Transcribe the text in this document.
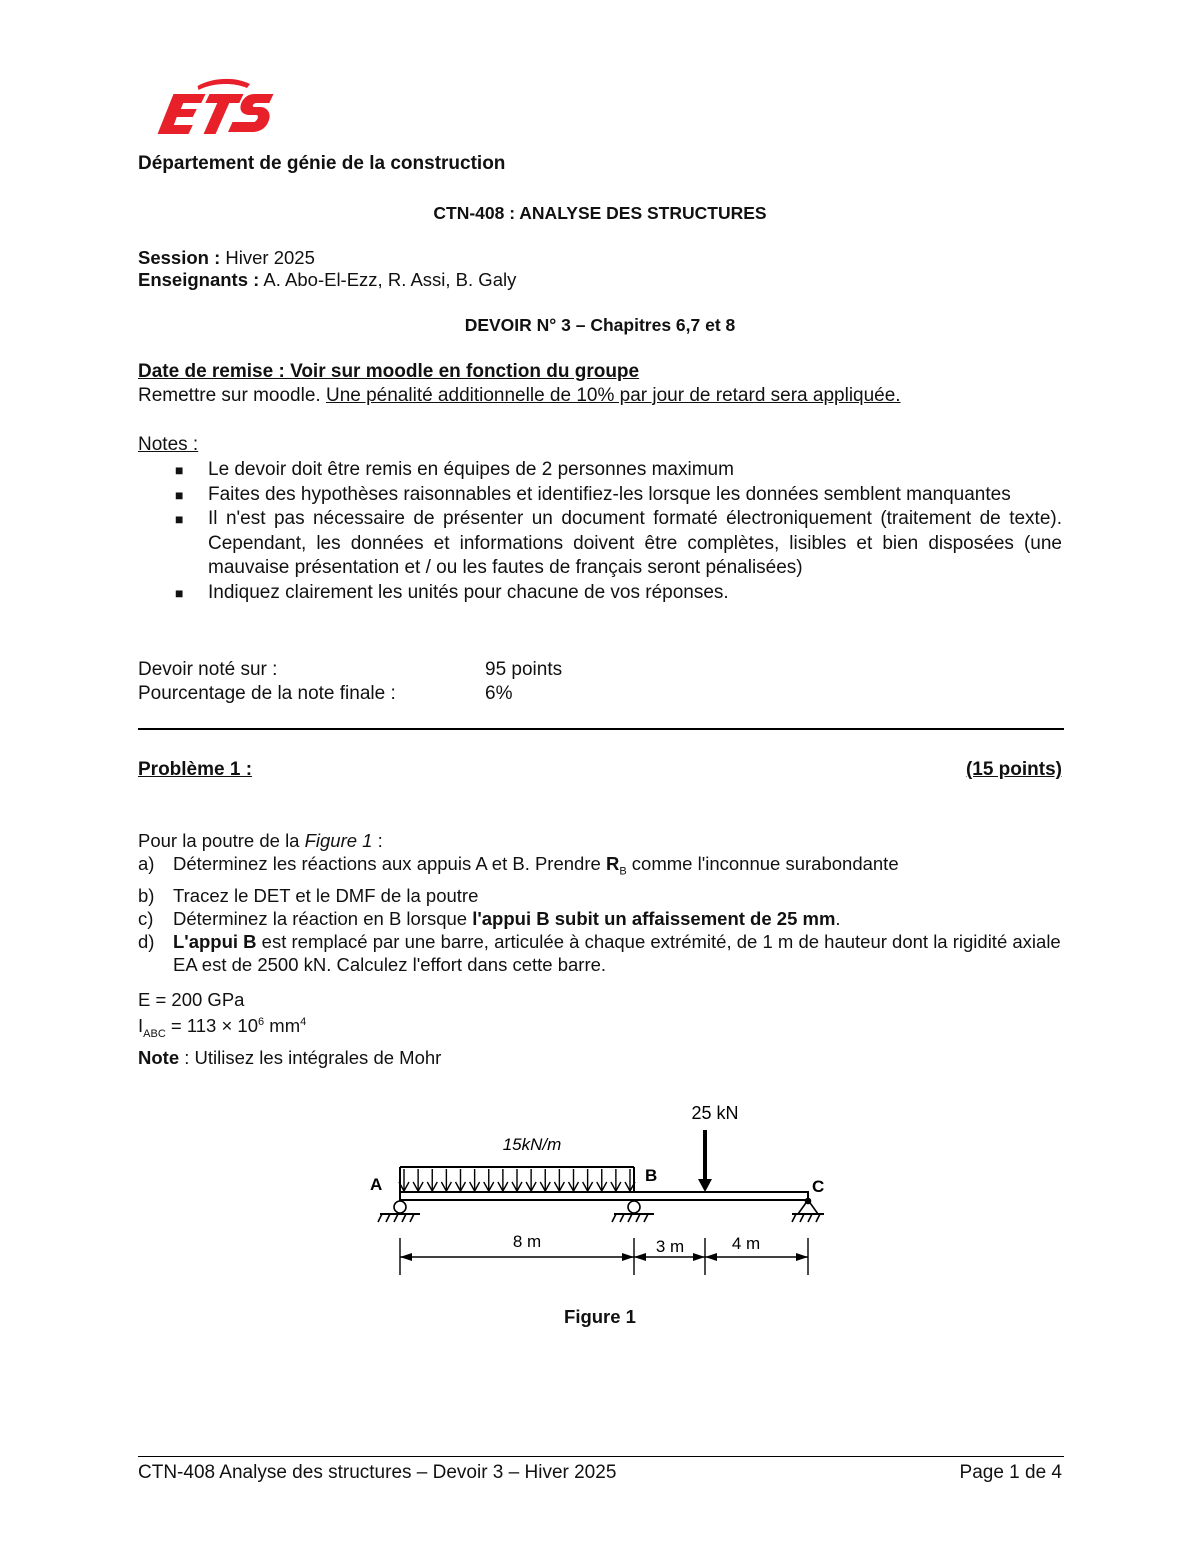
Département de génie de la construction
CTN-408 : ANALYSE DES STRUCTURES
Session : Hiver 2025
Enseignants : A. Abo-El-Ezz, R. Assi, B. Galy
DEVOIR N° 3 – Chapitres 6,7 et 8
Date de remise : Voir sur moodle en fonction du groupe
Remettre sur moodle. Une pénalité additionnelle de 10% par jour de retard sera appliquée.
Notes :
■ Le devoir doit être remis en équipes de 2 personnes maximum
■ Faites des hypothèses raisonnables et identifiez-les lorsque les données semblent manquantes
■ Il n'est pas nécessaire de présenter un document formaté électroniquement (traitement de texte). Cependant, les données et informations doivent être complètes, lisibles et bien disposées (une mauvaise présentation et / ou les fautes de français seront pénalisées)
■ Indiquez clairement les unités pour chacune de vos réponses.
Devoir noté sur :	95 points
Pourcentage de la note finale :	6%
Problème 1 :	(15 points)
Pour la poutre de la Figure 1 :
a) Déterminez les réactions aux appuis A et B. Prendre $R_B$ comme l'inconnue surabondante
b) Tracez le DET et le DMF de la poutre
c) Déterminez la réaction en B lorsque l'appui B subit un affaissement de 25 mm.
d) L'appui B est remplacé par une barre, articulée à chaque extrémité, de 1 m de hauteur dont la rigidité axiale EA est de 2500 kN. Calculez l'effort dans cette barre.
E = 200 GPa
$I_{ABC} = 113 \times 10^6$ $mm^4$
Note : Utilisez les intégrales de Mohr
25 kN
15kN/m
A	B
C
8 m	3 m	4 m
Figure 1
CTN-408 Analyse des structures – Devoir 3 – Hiver 2025	Page 1 de 4
